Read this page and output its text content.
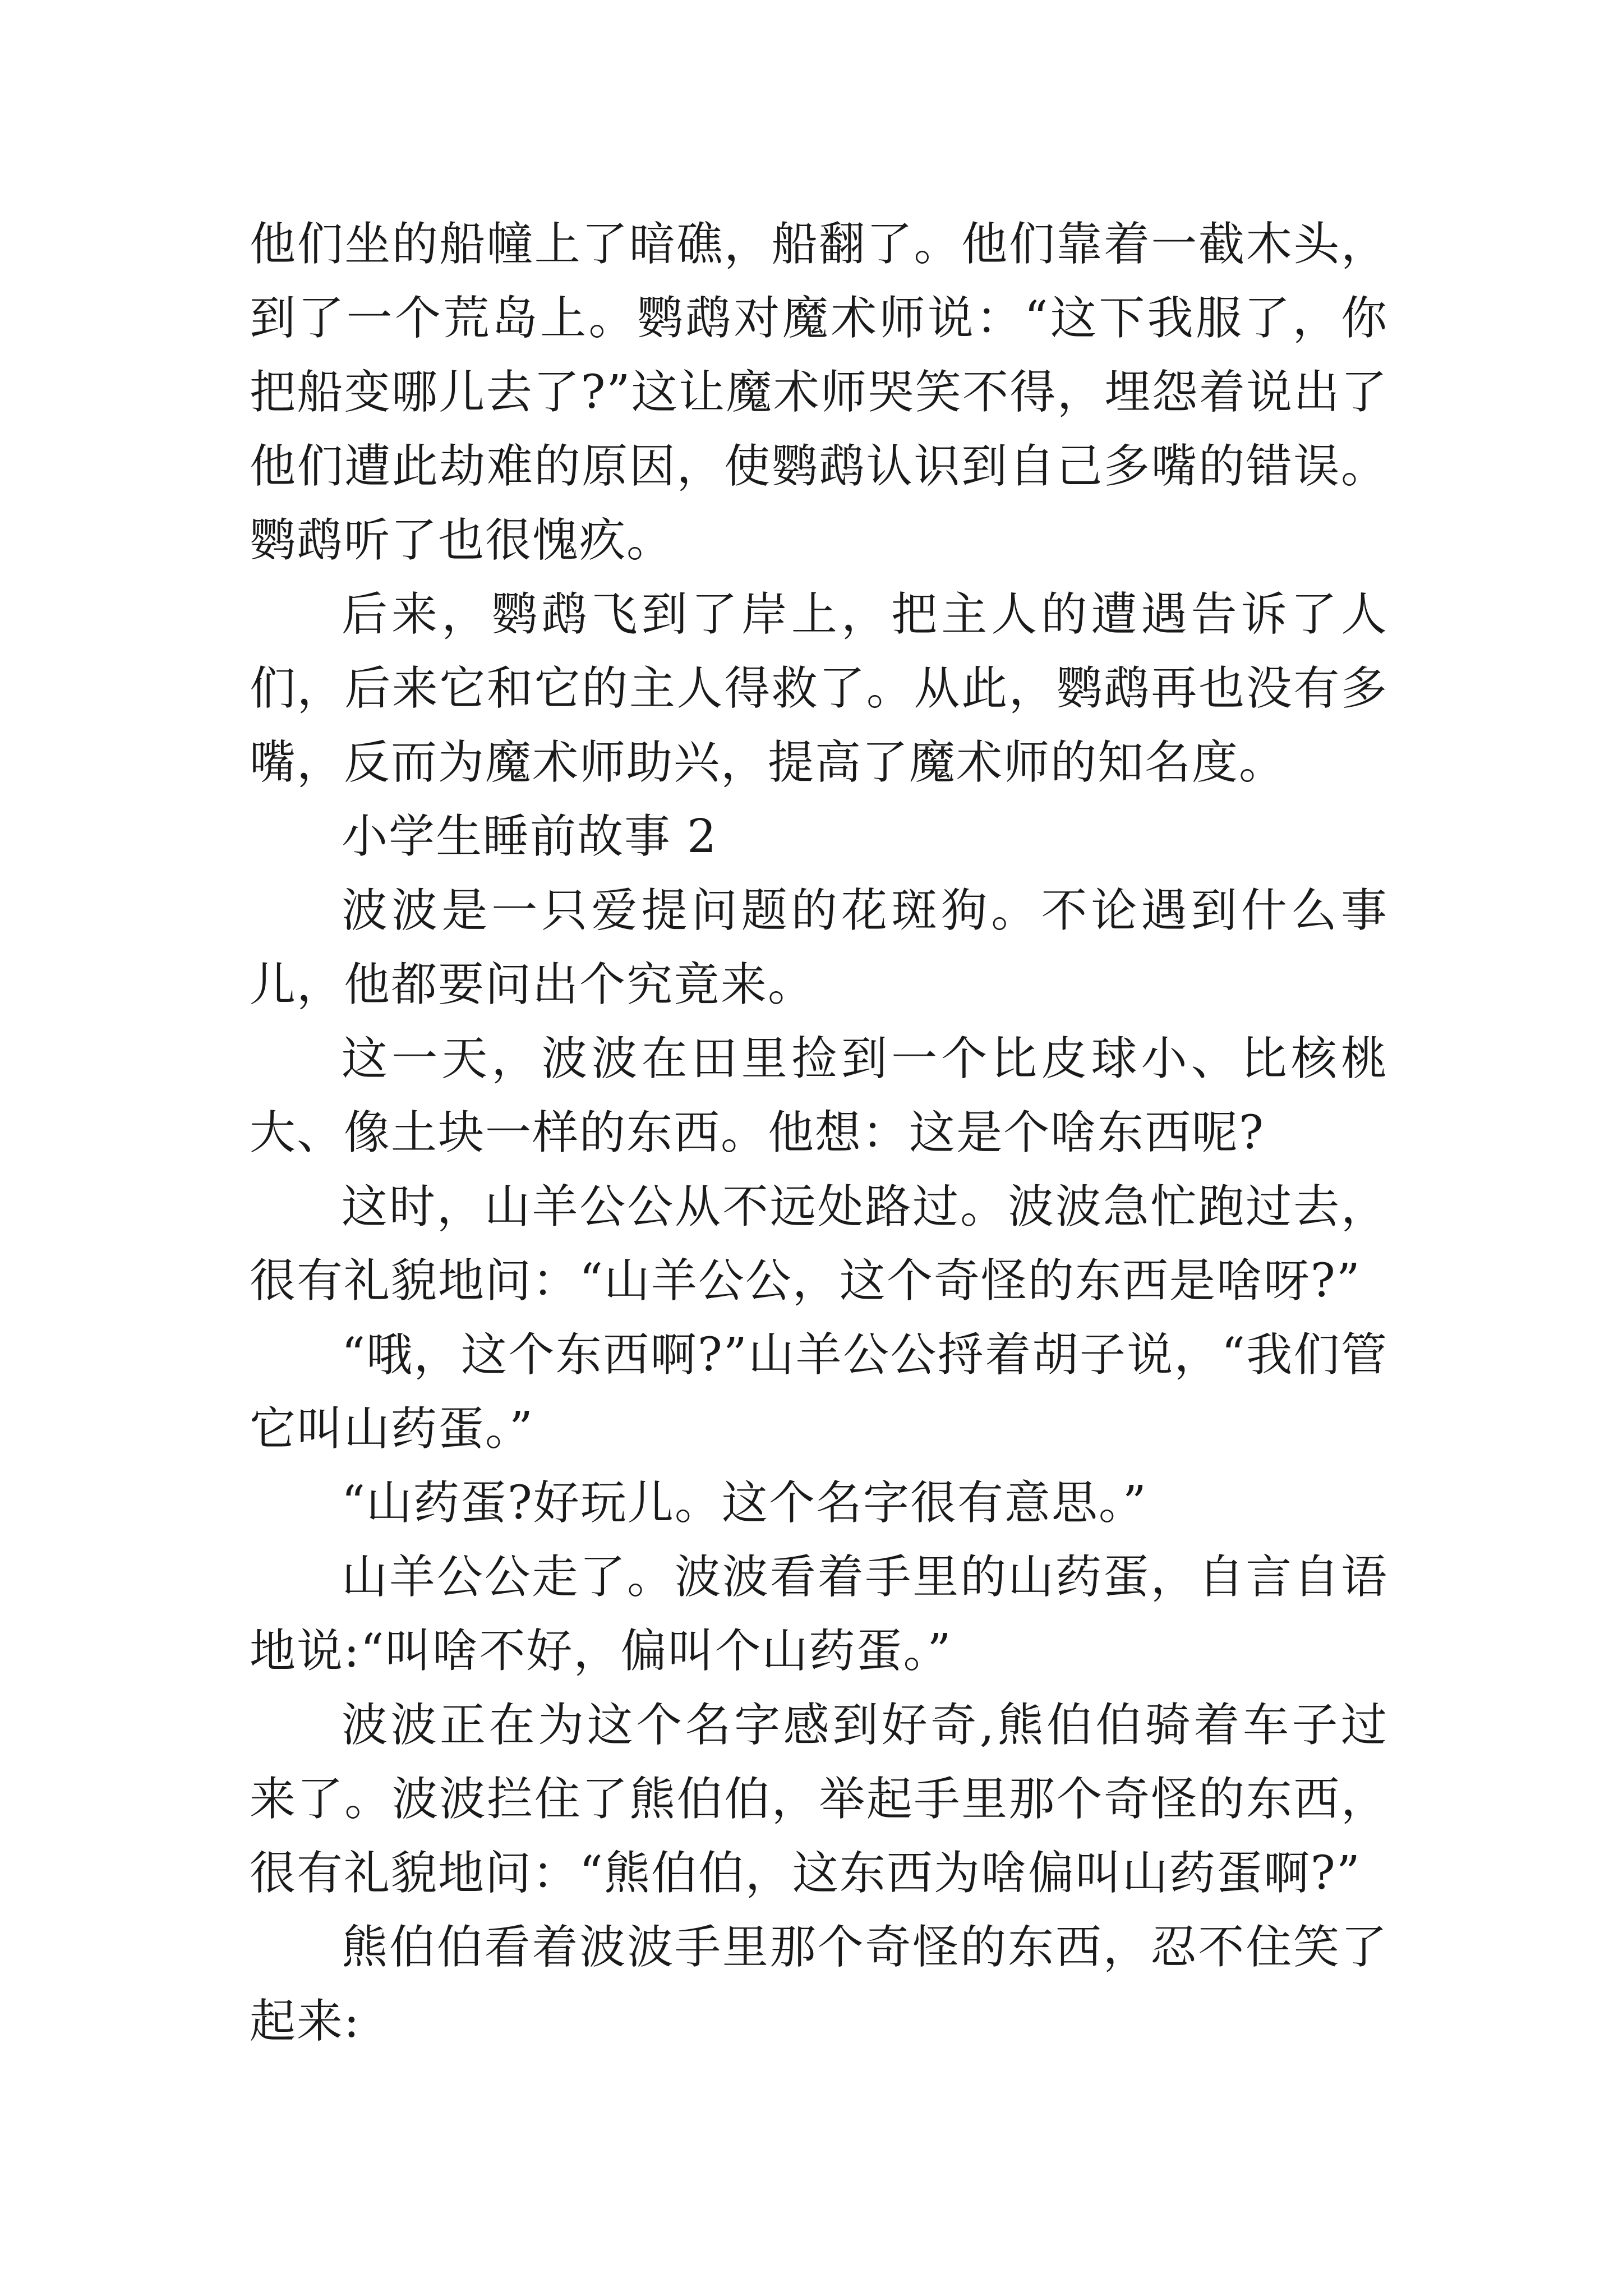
他们坐的船幢上了暗礁，船翻了。他们靠着一截木头，到了一个荒岛上。鹦鹉对魔术师说：“这下我服了，你把船变哪儿去了?”这让魔术师哭笑不得，埋怨着说出了他们遭此劫难的原因，使鹦鹉认识到自己多嘴的错误。鹦鹉听了也很愧疚。

后来，鹦鹉飞到了岸上，把主人的遭遇告诉了人们，后来它和它的主人得救了。从此，鹦鹉再也没有多嘴，反而为魔术师助兴，提高了魔术师的知名度。

小学生睡前故事 2

波波是一只爱提问题的花斑狗。不论遇到什么事儿，他都要问出个究竟来。

这一天，波波在田里捡到一个比皮球小、比核桃大、像土块一样的东西。他想：这是个啥东西呢?

这时，山羊公公从不远处路过。波波急忙跑过去，很有礼貌地问：“山羊公公，这个奇怪的东西是啥呀?”

“哦，这个东西啊?”山羊公公捋着胡子说，“我们管它叫山药蛋。”

“山药蛋?好玩儿。这个名字很有意思。”

山羊公公走了。波波看着手里的山药蛋，自言自语地说:“叫啥不好，偏叫个山药蛋。”

波波正在为这个名字感到好奇,熊伯伯骑着车子过来了。波波拦住了熊伯伯，举起手里那个奇怪的东西，很有礼貌地问：“熊伯伯，这东西为啥偏叫山药蛋啊?”

熊伯伯看着波波手里那个奇怪的东西，忍不住笑了起来:
